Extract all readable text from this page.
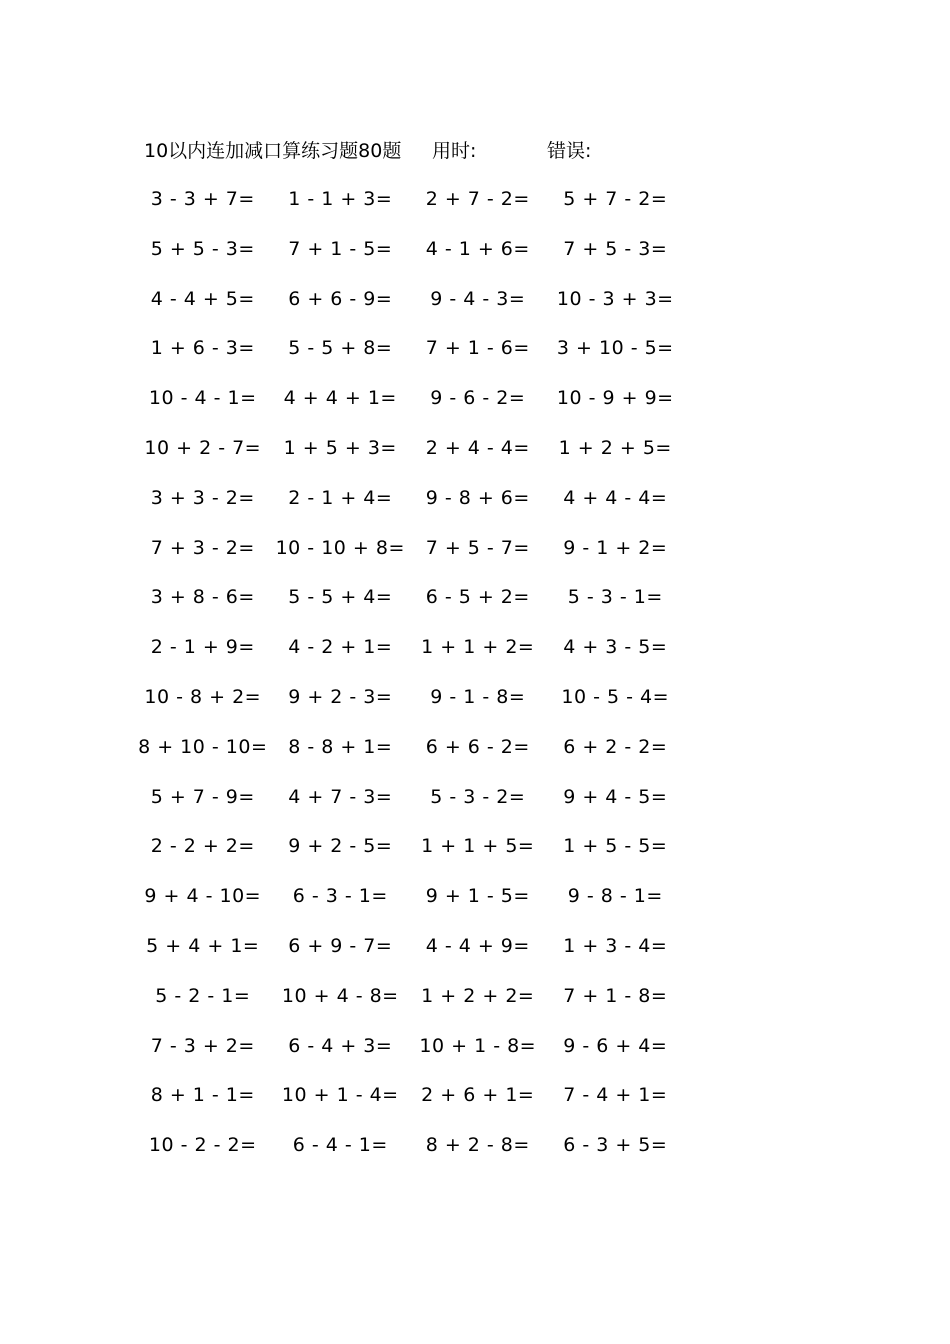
10以内连加减口算练习题80题 用时:	错误:
3 - 3 + 7=	1 - 1 + 3=	2 + 7 - 2=	5 + 7 - 2=
5 + 5 - 3=	7 + 1 - 5=	4 - 1 + 6=	7 + 5 - 3=
4 - 4 + 5=	6 + 6 - 9=	9 - 4 - 3=	10 - 3 + 3=
1 + 6 - 3=	5 - 5 + 8=	7 + 1 - 6=	3 + 10 - 5=
10 - 4 - 1=	4 + 4 + 1=	9 - 6 - 2=	10 - 9 + 9=
10 + 2 - 7=	1 + 5 + 3=	2 + 4 - 4=	1 + 2 + 5=
3 + 3 - 2=	2 - 1 + 4=	9 - 8 + 6=	4 + 4 - 4=
7 + 3 - 2=	10 - 10 + 8=	7 + 5 - 7=	9 - 1 + 2=
3 + 8 - 6=	5 - 5 + 4=	6 - 5 + 2=	5 - 3 - 1=
2 - 1 + 9=	4 - 2 + 1=	1 + 1 + 2=	4 + 3 - 5=
10 - 8 + 2=	9 + 2 - 3=	9 - 1 - 8=	10 - 5 - 4=
8 + 10 - 10=	8 - 8 + 1=	6 + 6 - 2=	6 + 2 - 2=
5 + 7 - 9=	4 + 7 - 3=	5 - 3 - 2=	9 + 4 - 5=
2 - 2 + 2=	9 + 2 - 5=	1 + 1 + 5=	1 + 5 - 5=
9 + 4 - 10=	6 - 3 - 1=	9 + 1 - 5=	9 - 8 - 1=
5 + 4 + 1=	6 + 9 - 7=	4 - 4 + 9=	1 + 3 - 4=
5 - 2 - 1=	10 + 4 - 8=	1 + 2 + 2=	7 + 1 - 8=
7 - 3 + 2=	6 - 4 + 3=	10 + 1 - 8=	9 - 6 + 4=
8 + 1 - 1=	10 + 1 - 4=	2 + 6 + 1=	7 - 4 + 1=
10 - 2 - 2=	6 - 4 - 1=	8 + 2 - 8=	6 - 3 + 5=
